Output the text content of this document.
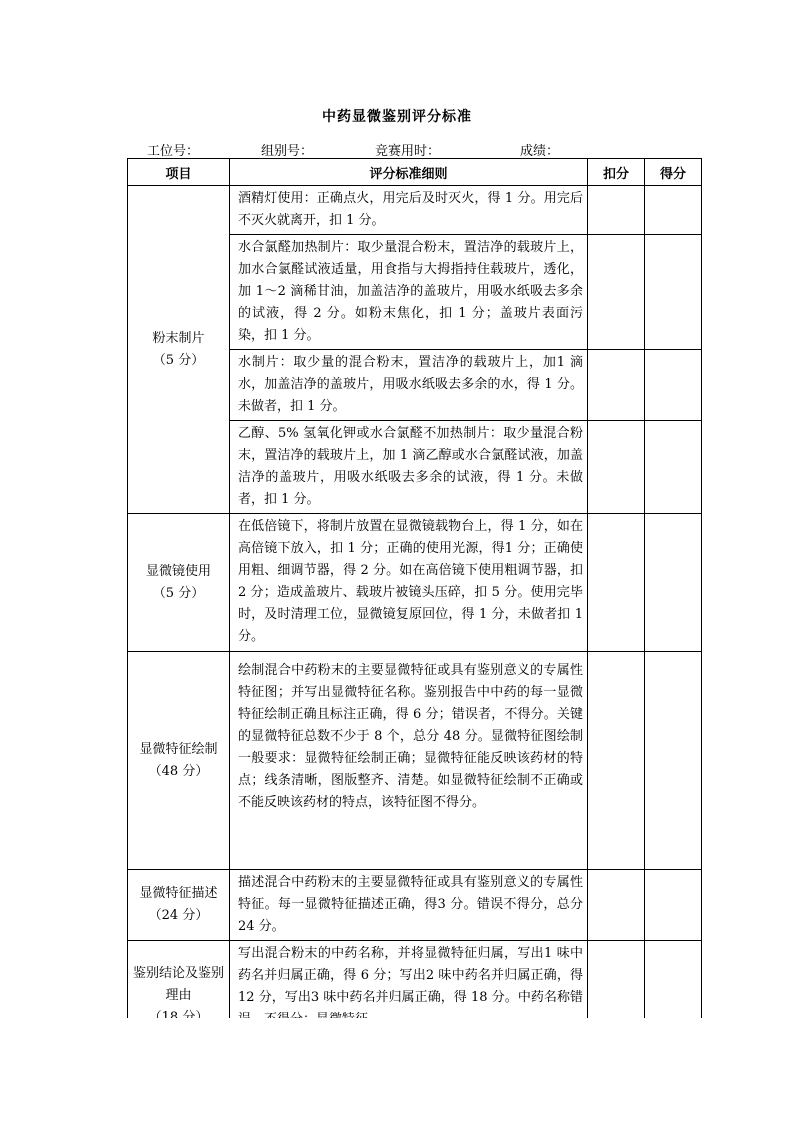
中药显微鉴别评分标准
工位号：	组别号：	竞赛用时：	成绩：
项目	评分标准细则	扣分	得分

粉末制片
（5 分）	酒精灯使用：正确点火，用完后及时灭火，得 1 分。用完后不灭火就离开，扣 1 分。		
	水合氯醛加热制片：取少量混合粉末，置洁净的载玻片上，加水合氯醛试液适量，用食指与大拇指持住载玻片，透化，加 1～2 滴稀甘油，加盖洁净的盖玻片，用吸水纸吸去多余的试液，得 2 分。如粉末焦化，扣 1 分；盖玻片表面污染，扣 1 分。		
	水制片：取少量的混合粉末，置洁净的载玻片上，加1 滴水，加盖洁净的盖玻片，用吸水纸吸去多余的水，得 1 分。未做者，扣 1 分。		
	乙醇、5% 氢氧化钾或水合氯醛不加热制片：取少量混合粉末，置洁净的载玻片上，加 1 滴乙醇或水合氯醛试液，加盖洁净的盖玻片，用吸水纸吸去多余的试液，得 1 分。未做者，扣 1 分。		

显微镜使用
（5 分）	在低倍镜下，将制片放置在显微镜载物台上，得 1 分，如在高倍镜下放入，扣 1 分；正确的使用光源，得1 分；正确使用粗、细调节器，得 2 分。如在高倍镜下使用粗调节器，扣 2 分；造成盖玻片、载玻片被镜头压碎，扣 5 分。使用完毕时，及时清理工位，显微镜复原回位，得 1 分，未做者扣 1 分。		

显微特征绘制
（48 分）	绘制混合中药粉末的主要显微特征或具有鉴别意义的专属性特征图；并写出显微特征名称。鉴别报告中中药的每一显微特征绘制正确且标注正确，得 6 分；错误者，不得分。关键的显微特征总数不少于 8 个，总分 48 分。显微特征图绘制一般要求：显微特征绘制正确；显微特征能反映该药材的特点；线条清晰，图版整齐、清楚。如显微特征绘制不正确或不能反映该药材的特点，该特征图不得分。		

显微特征描述
（24 分）	描述混合中药粉末的主要显微特征或具有鉴别意义的专属性特征。每一显微特征描述正确，得3 分。错误不得分，总分 24 分。		

鉴别结论及鉴别理由	写出混合粉末的中药名称，并将显微特征归属，写出1 味中药名并归属正确，得 6 分；写出2 味中药名并归属正确，得 12 分，写出3 味中药名并归属正确，得 18 分。中药名称错		
